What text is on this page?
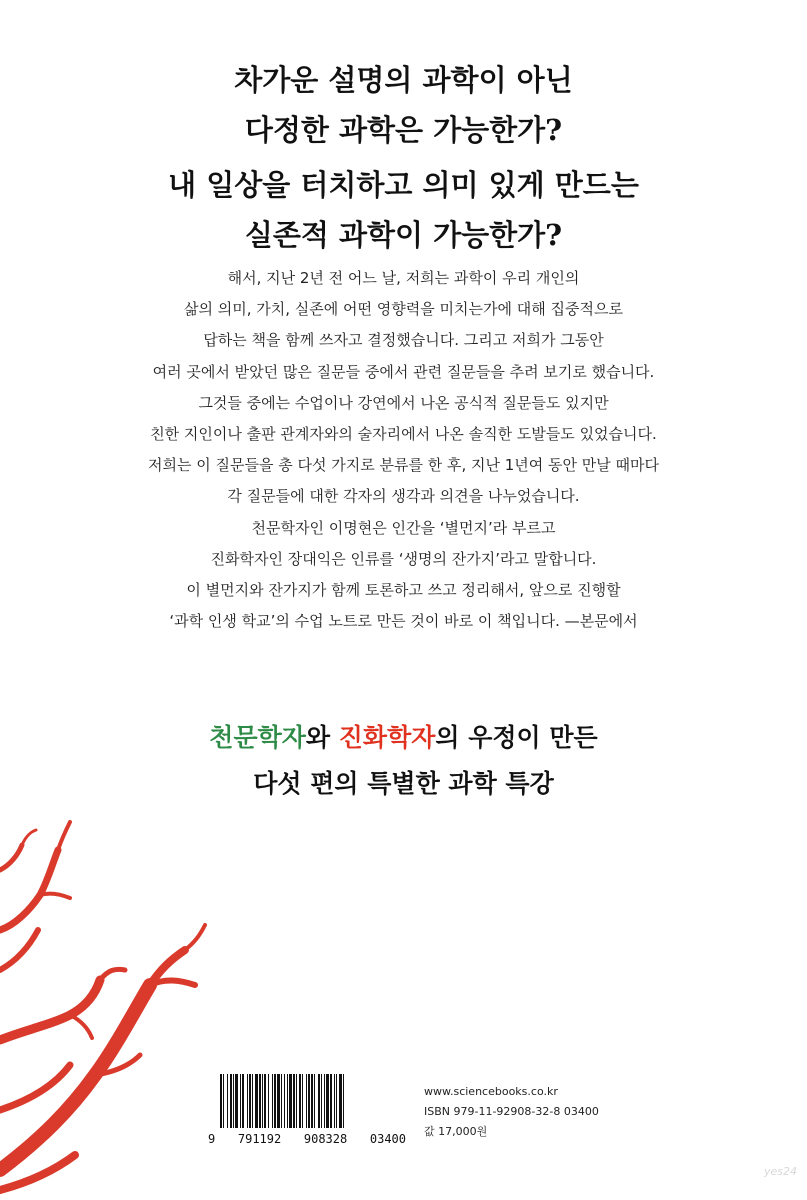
차가운 설명의 과학이 아닌
다정한 과학은 가능한가?
내 일상을 터치하고 의미 있게 만드는
실존적 과학이 가능한가?
해서, 지난 2년 전 어느 날, 저희는 과학이 우리 개인의
삶의 의미, 가치, 실존에 어떤 영향력을 미치는가에 대해 집중적으로
답하는 책을 함께 쓰자고 결정했습니다. 그리고 저희가 그동안
여러 곳에서 받았던 많은 질문들 중에서 관련 질문들을 추려 보기로 했습니다.
그것들 중에는 수업이나 강연에서 나온 공식적 질문들도 있지만
친한 지인이나 출판 관계자와의 술자리에서 나온 솔직한 도발들도 있었습니다.
저희는 이 질문들을 총 다섯 가지로 분류를 한 후, 지난 1년여 동안 만날 때마다
각 질문들에 대한 각자의 생각과 의견을 나누었습니다.
천문학자인 이명현은 인간을 ‘별먼지’라 부르고
진화학자인 장대익은 인류를 ‘생명의 잔가지’라고 말합니다.
이 별먼지와 잔가지가 함께 토론하고 쓰고 정리해서, 앞으로 진행할
‘과학 인생 학교’의 수업 노트로 만든 것이 바로 이 책입니다. —본문에서
천문학자와 진화학자의 우정이 만든
다섯 편의 특별한 과학 특강
9 791192 908328 03400
www.sciencebooks.co.kr
ISBN 979-11-92908-32-8 03400
값 17,000원
yes24
